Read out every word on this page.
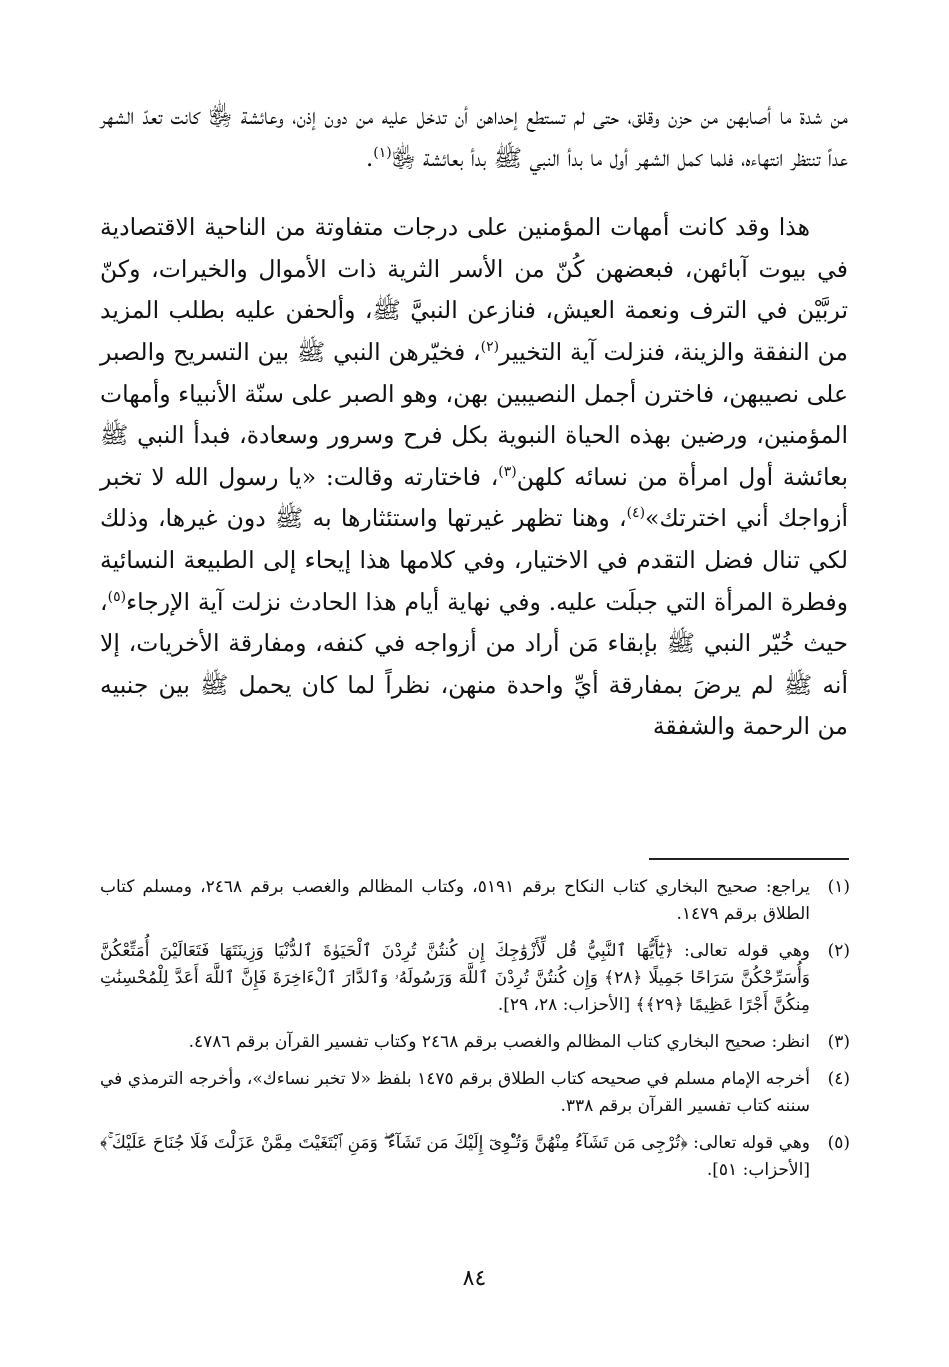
من شدة ما أصابهن من حزن وقلق، حتى لم تستطع إحداهن أن تدخل عليه من دون إذن، وعائشة ﵂ كانت تعدّ الشهر عداً تنتظر انتهاءه، فلما كمل الشهر أول ما بدأ النبي ﷺ بدأ بعائشة ﵂$^{(١)}$.

هذا وقد كانت أمهات المؤمنين على درجات متفاوتة من الناحية الاقتصادية في بيوت آبائهن، فبعضهن كُنّ من الأسر الثرية ذات الأموال والخيرات، وكنّ تربَّيْن في الترف ونعمة العيش، فنازعن النبيَّ ﷺ، وألحفن عليه بطلب المزيد من النفقة والزينة، فنزلت آية التخيير$^{(٢)}$، فخيّرهن النبي ﷺ بين التسريح والصبر على نصيبهن، فاخترن أجمل النصيبين بهن، وهو الصبر على سنّة الأنبياء وأمهات المؤمنين، ورضين بهذه الحياة النبوية بكل فرح وسرور وسعادة، فبدأ النبي ﷺ بعائشة أول امرأة من نسائه كلهن$^{(٣)}$، فاختارته وقالت: «يا رسول الله لا تخبر أزواجك أني اخترتك»$^{(٤)}$، وهنا تظهر غيرتها واستئثارها به ﷺ دون غيرها، وذلك لكي تنال فضل التقدم في الاختيار، وفي كلامها هذا إيحاء إلى الطبيعة النسائية وفطرة المرأة التي جبلَت عليه. وفي نهاية أيام هذا الحادث نزلت آية الإرجاء$^{(٥)}$، حيث خُيّر النبي ﷺ بإبقاء مَن أراد من أزواجه في كنفه، ومفارقة الأخريات، إلا أنه ﷺ لم يرضَ بمفارقة أيِّ واحدة منهن، نظراً لما كان يحمل ﷺ بين جنبيه من الرحمة والشفقة

(١)
يراجع: صحيح البخاري كتاب النكاح برقم ٥١٩١، وكتاب المظالم والغصب برقم ٢٤٦٨، ومسلم كتاب الطلاق برقم ١٤٧٩.
(٢)
وهي قوله تعالى: ﴿يَٰٓأَيُّهَا ٱلنَّبِيُّ قُل لِّأَزْوَٰجِكَ إِن كُنتُنَّ تُرِدْنَ ٱلْحَيَوٰةَ ٱلدُّنْيَا وَزِينَتَهَا فَتَعَالَيْنَ أُمَتِّعْكُنَّ وَأُسَرِّحْكُنَّ سَرَاحًا جَمِيلًا ﴿٢٨﴾ وَإِن كُنتُنَّ تُرِدْنَ ٱللَّهَ وَرَسُولَهُۥ وَٱلدَّارَ ٱلْءَاخِرَةَ فَإِنَّ ٱللَّهَ أَعَدَّ لِلْمُحْسِنَٰتِ مِنكُنَّ أَجْرًا عَظِيمًا ﴿٢٩﴾﴾ [الأحزاب: ٢٨، ٢٩].
(٣)
انظر: صحيح البخاري كتاب المظالم والغصب برقم ٢٤٦٨ وكتاب تفسير القرآن برقم ٤٧٨٦.
(٤)
أخرجه الإمام مسلم في صحيحه كتاب الطلاق برقم ١٤٧٥ بلفظ «لا تخبر نساءك»، وأخرجه الترمذي في سننه كتاب تفسير القرآن برقم ٣٣٨.
(٥)
وهي قوله تعالى: ﴿تُرْجِى مَن تَشَآءُ مِنْهُنَّ وَتُـْٔوِىٓ إِلَيْكَ مَن تَشَآءُ ۖ وَمَنِ ٱبْتَغَيْتَ مِمَّنْ عَزَلْتَ فَلَا جُنَاحَ عَلَيْكَ ۚ﴾ [الأحزاب: ٥١].
٨٤
